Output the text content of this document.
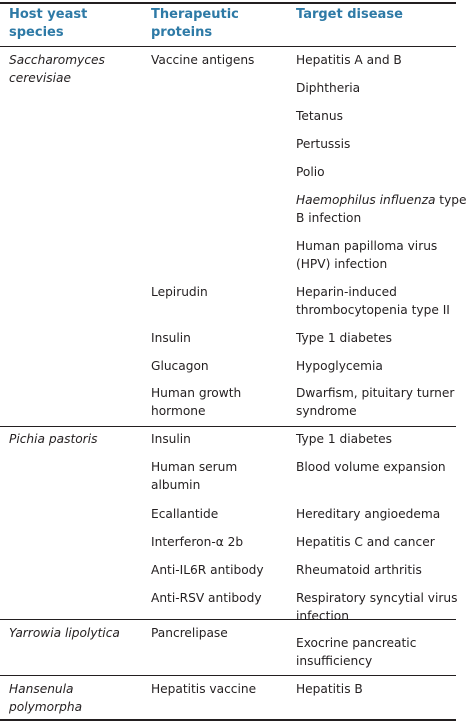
Host yeast
species
Therapeutic
proteins
Target disease
Saccharomyces
cerevisiae
Pichia pastoris
Yarrowia lipolytica
Hansenula
polymorpha
Vaccine antigens
Lepirudin
Insulin
Glucagon
Human growth
hormone
Insulin
Human serum
albumin
Ecallantide
Interferon-α 2b
Anti-IL6R antibody
Anti-RSV antibody
Pancrelipase
Hepatitis vaccine
Hepatitis A and B
Diphtheria
Tetanus
Pertussis
Polio
Haemophilus influenza type
B infection
Human papilloma virus
(HPV) infection
Heparin-induced
thrombocytopenia type II
Type 1 diabetes
Hypoglycemia
Dwarfism, pituitary turner
syndrome
Type 1 diabetes
Blood volume expansion
Hereditary angioedema
Hepatitis C and cancer
Rheumatoid arthritis
Respiratory syncytial virus
infection
Exocrine pancreatic
insufficiency
Hepatitis B
